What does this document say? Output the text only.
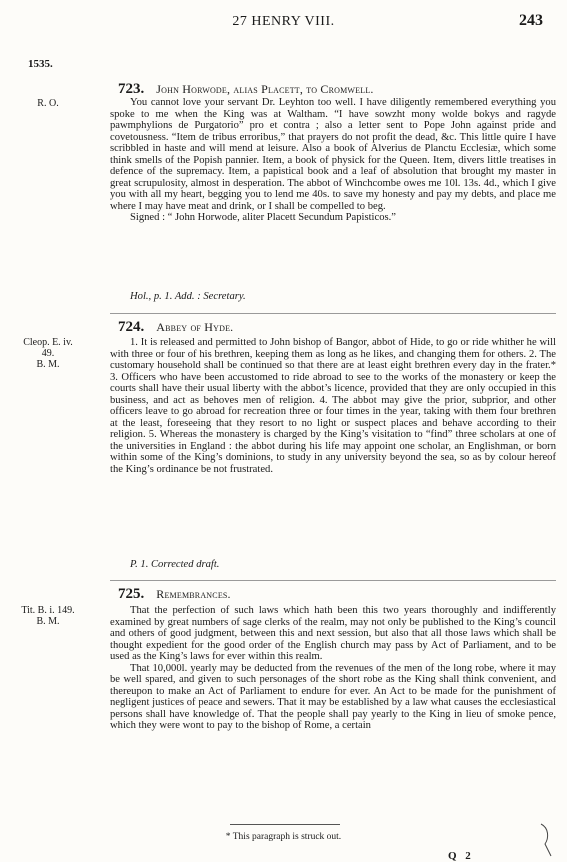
27 HENRY VIII.	243
1535.
723. John Horwode, alias Placett, to Cromwell.
R. O.	You cannot love your servant Dr. Leyhton too well. I have diligently remembered everything you spoke to me when the King was at Waltham. “I have sowzht mony wolde bokys and ragyde pawmphylions de Purgatorio” pro et contra ; also a letter sent to Pope John against pride and covetousness. “Item de tribus erroribus,” that prayers do not profit the dead, &c. This little quire I have scribbled in haste and will mend at leisure. Also a book of Alverius de Planctu Ecclesiæ, which some think smells of the Popish pannier. Item, a book of physick for the Queen. Item, divers little treatises in defence of the supremacy. Item, a papistical book and a leaf of absolution that brought my master in great scrupulosity, almost in desperation. The abbot of Winchcombe owes me 10l. 13s. 4d., which I give you with all my heart, begging you to lend me 40s. to save my honesty and pay my debts, and place me where I may have meat and drink, or I shall be compelled to beg.

Signed : “ John Horwode, aliter Placett Secundum Papisticos.”
Hol., p. 1. Add. : Secretary.
724. Abbey of Hyde.
Cleop. E. iv.
49.
B. M.

1. It is released and permitted to John bishop of Bangor, abbot of Hide, to go or ride whither he will with three or four of his brethren, keeping them as long as he likes, and changing them for others. 2. The customary household shall be continued so that there are at least eight brethren every day in the frater.* 3. Officers who have been accustomed to ride abroad to see to the works of the monastery or keep the courts shall have their usual liberty with the abbot’s licence, provided that they are only occupied in this business, and act as behoves men of religion. 4. The abbot may give the prior, subprior, and other officers leave to go abroad for recreation three or four times in the year, taking with them four brethren at the least, foreseeing that they resort to no light or suspect places and behave according to their religion. 5. Whereas the monastery is charged by the King’s visitation to “find” three scholars at one of the universities in England : the abbot during his life may appoint one scholar, an Englishman, or born within some of the King’s dominions, to study in any university beyond the sea, so as by colour hereof the King’s ordinance be not frustrated.

P. 1. Corrected draft.
725. Remembrances.
Tit. B. i. 149.
B. M.

That the perfection of such laws which hath been this two years thoroughly and indifferently examined by great numbers of sage clerks of the realm, may not only be published to the King’s council and others of good judgment, between this and next session, but also that all those laws which shall be thought expedient for the good order of the English church may pass by Act of Parliament, and to be used as the King’s laws for ever within this realm.

That 10,000l. yearly may be deducted from the revenues of the men of the long robe, where it may be well spared, and given to such personages of the short robe as the King shall think convenient, and thereupon to make an Act of Parliament to endure for ever. An Act to be made for the punishment of negligent justices of peace and sewers. That it may be established by a law what causes the ecclesiastical persons shall have knowledge of. That the people shall pay yearly to the King in lieu of smoke pence, which they were wont to pay to the bishop of Rome, a certain

* This paragraph is struck out.
Q 2
